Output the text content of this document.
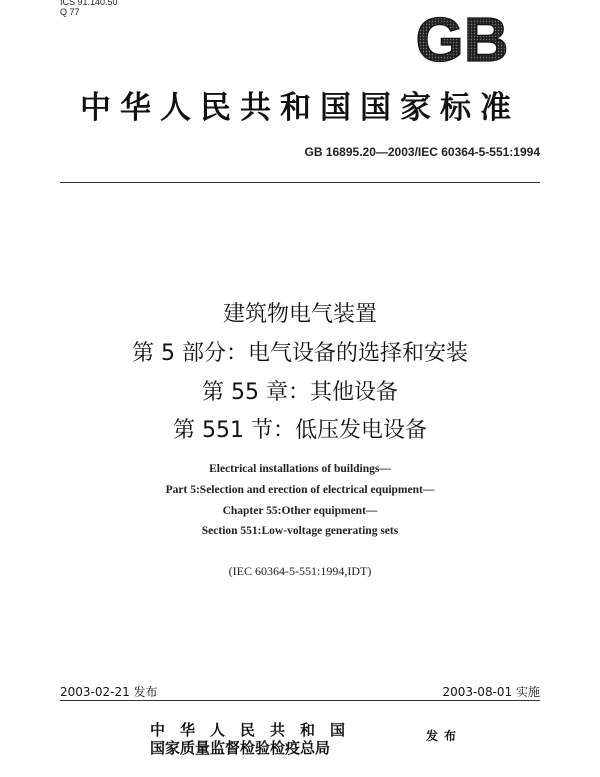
ICS 91.140.50
Q 77	GB
中华人民共和国国家标准
GB 16895.20—2003/IEC 60364-5-551:1994
建筑物电气装置
第 5 部分：电气设备的选择和安装
第 55 章：其他设备
第 551 节：低压发电设备
Electrical installations of buildings—
Part 5:Selection and erection of electrical equipment—
Chapter 55:Other equipment—
Section 551:Low-voltage generating sets
(IEC 60364-5-551:1994,IDT)
2003-02-21 发布	2003-08-01 实施
中华人民共和国
国家质量监督检验检疫总局
发布
